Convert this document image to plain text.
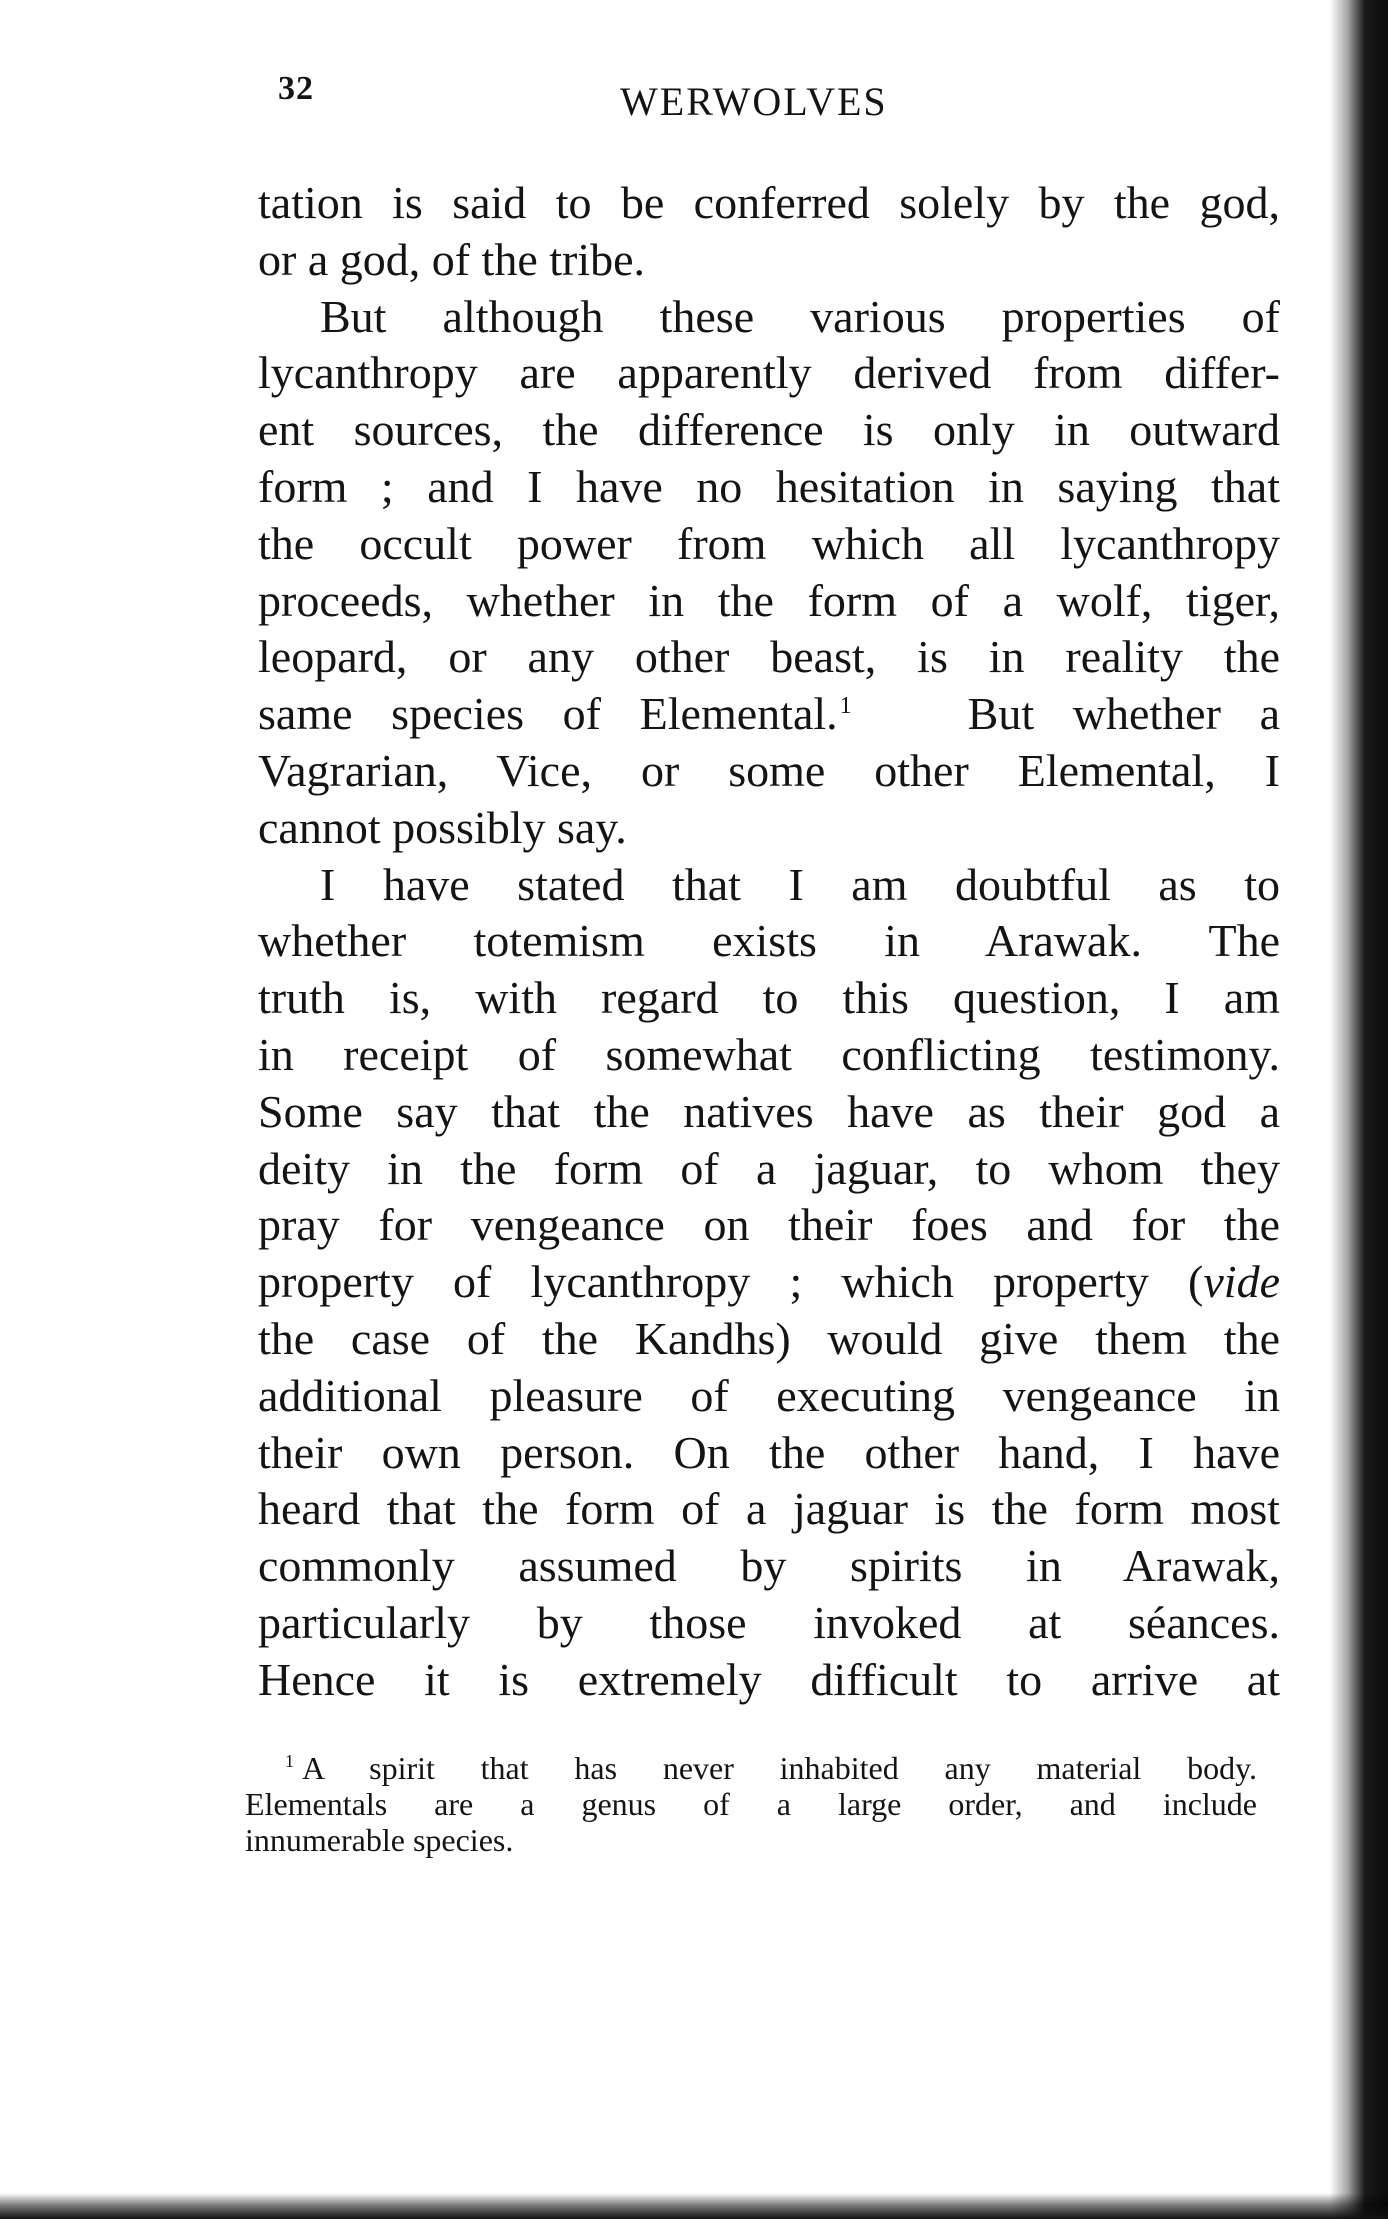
32	WERWOLVES
tation is said to be conferred solely by the god,
or a god, of the tribe.
But although these various properties of
lycanthropy are apparently derived from differ-
ent sources, the difference is only in outward
form ; and I have no hesitation in saying that
the occult power from which all lycanthropy
proceeds, whether in the form of a wolf, tiger,
leopard, or any other beast, is in reality the
same species of Elemental.$^1$	But whether a
Vagrarian, Vice, or some other Elemental, I
cannot possibly say.
I have stated that I am doubtful as to
whether totemism exists in Arawak. The
truth is, with regard to this question, I am
in receipt of somewhat conflicting testimony.
Some say that the natives have as their god a
deity in the form of a jaguar, to whom they
pray for vengeance on their foes and for the
property of lycanthropy ; which property (vide
the case of the Kandhs) would give them the
additional pleasure of executing vengeance in
their own person. On the other hand, I have
heard that the form of a jaguar is the form most
commonly assumed by spirits in Arawak,
particularly by those invoked at séances.
Hence it is extremely difficult to arrive at
$^1$ A spirit that has never inhabited any material body.
Elementals are a genus of a large order, and include
innumerable species.
